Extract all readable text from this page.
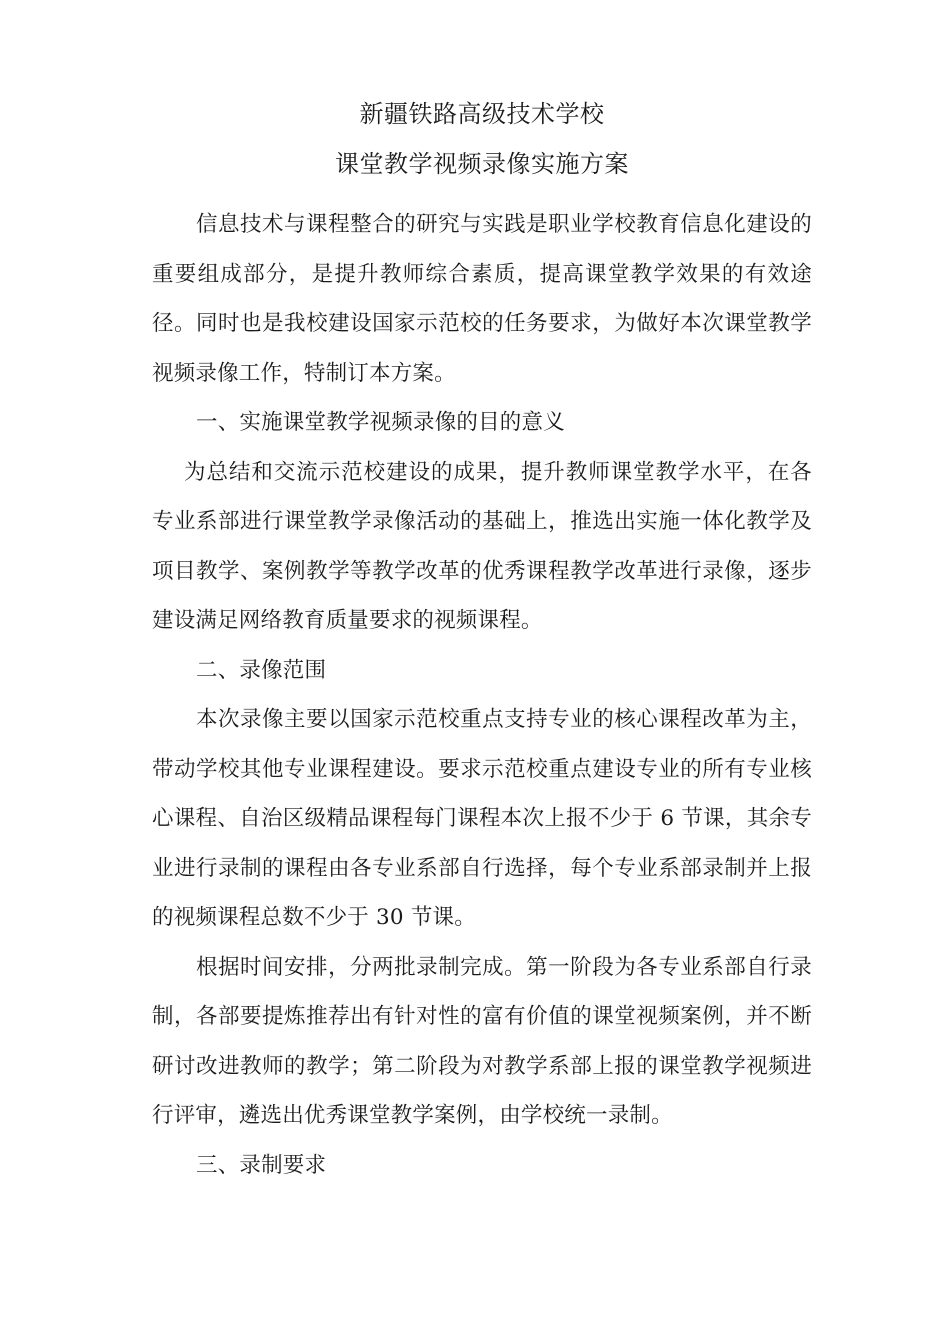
新疆铁路高级技术学校
课堂教学视频录像实施方案

信息技术与课程整合的研究与实践是职业学校教育信息化建设的重要组成部分，是提升教师综合素质，提高课堂教学效果的有效途径。同时也是我校建设国家示范校的任务要求，为做好本次课堂教学视频录像工作，特制订本方案。

一、实施课堂教学视频录像的目的意义

为总结和交流示范校建设的成果，提升教师课堂教学水平，在各专业系部进行课堂教学录像活动的基础上，推选出实施一体化教学及项目教学、案例教学等教学改革的优秀课程教学改革进行录像，逐步建设满足网络教育质量要求的视频课程。

二、录像范围

本次录像主要以国家示范校重点支持专业的核心课程改革为主，带动学校其他专业课程建设。要求示范校重点建设专业的所有专业核心课程、自治区级精品课程每门课程本次上报不少于 6 节课，其余专业进行录制的课程由各专业系部自行选择，每个专业系部录制并上报的视频课程总数不少于 30 节课。

根据时间安排，分两批录制完成。第一阶段为各专业系部自行录制，各部要提炼推荐出有针对性的富有价值的课堂视频案例，并不断研讨改进教师的教学；第二阶段为对教学系部上报的课堂教学视频进行评审，遴选出优秀课堂教学案例，由学校统一录制。

三、录制要求
